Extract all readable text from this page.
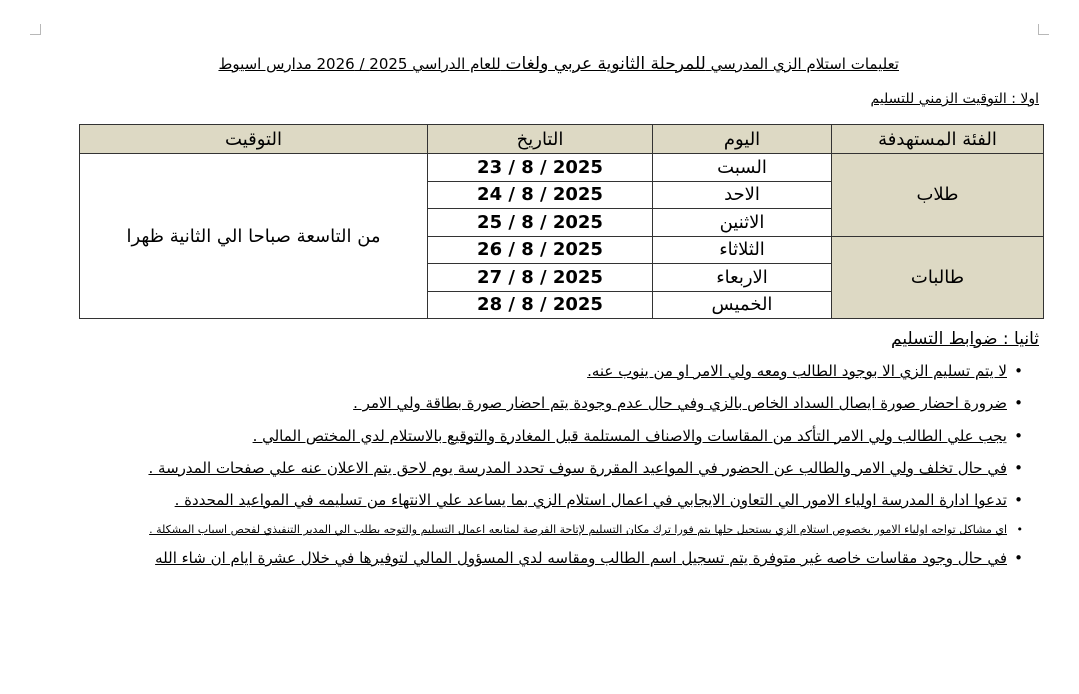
تعليمات استلام الزي المدرسي للمرحلة الثانوية عربي ولغات للعام الدراسي 2025 / 2026 مدارس اسيوط
اولا : التوقيت الزمني للتسليم
الفئة المستهدفة	اليوم	التاريخ	التوقيت
طلاب	السبت	23 / 8 / 2025	من التاسعة صباحا الي الثانية ظهرا
	الاحد	24 / 8 / 2025	
	الاثنين	25 / 8 / 2025	
طالبات	الثلاثاء	26 / 8 / 2025	
	الاربعاء	27 / 8 / 2025	
	الخميس	28 / 8 / 2025	
ثانيا : ضوابط التسليم
• لا يتم تسليم الزي الا بوجود الطالب ومعه ولي الامر او من ينوب عنه.
• ضرورة احضار صورة ايصال السداد الخاص بالزي وفي حال عدم وجودة يتم احضار صورة بطاقة ولي الامر .
• يجب علي الطالب ولي الامر التأكد من المقاسات والاصناف المستلمة قبل المغادرة والتوقيع بالاستلام لدي المختص المالي .
• في حال تخلف ولي الامر والطالب عن الحضور في المواعيد المقررة سوف تحدد المدرسة يوم لاحق يتم الاعلان عنه علي صفحات المدرسة .
• تدعوا ادارة المدرسة اولياء الامور الي التعاون الايجابي في اعمال استلام الزي بما يساعد علي الانتهاء من تسليمه في المواعيد المحددة .
• اي مشاكل تواجه اولياء الامور بخصوص استلام الزي يستحيل حلها يتم فورا ترك مكان التسليم لإتاحة الفرصة لمتابعه اعمال التسليم والتوجه بطلب الي المدير التنفيذي لفحص اسباب المشكلة .
• في حال وجود مقاسات خاصه غير متوفرة يتم تسجيل اسم الطالب ومقاسه لدي المسؤول المالي لتوفيرها في خلال عشرة ايام ان شاء الله
